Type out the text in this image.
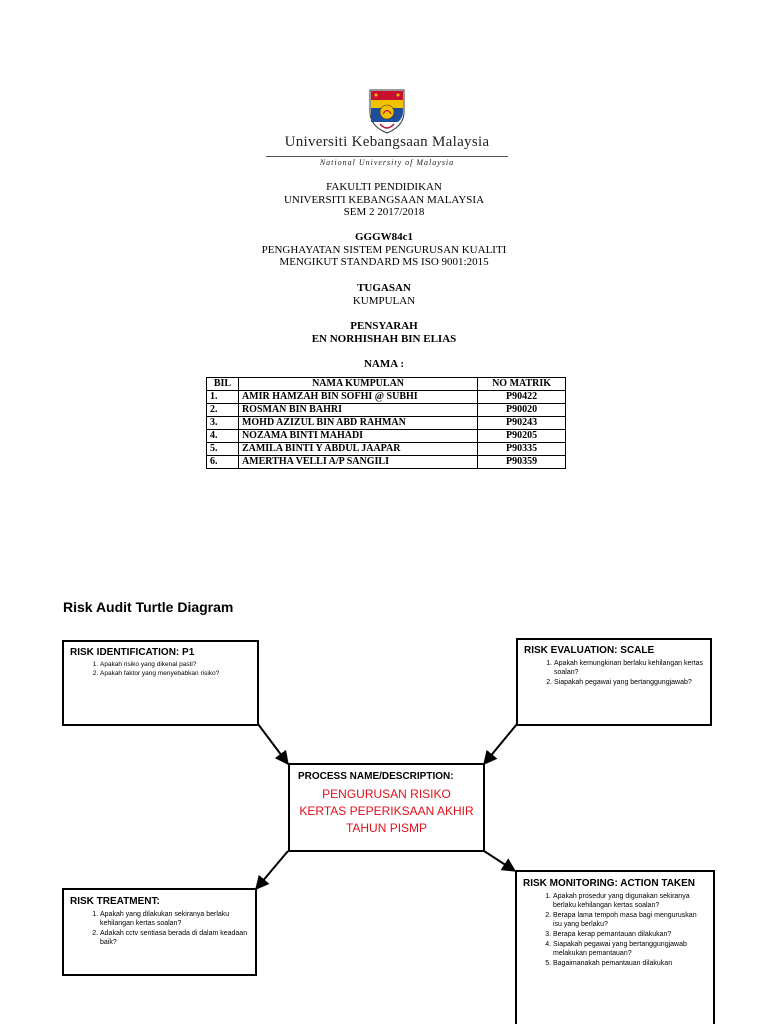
Universiti Kebangsaan Malaysia
National University of Malaysia
FAKULTI PENDIDIKAN
UNIVERSITI KEBANGSAAN MALAYSIA
SEM 2 2017/2018
GGGW84c1
PENGHAYATAN SISTEM PENGURUSAN KUALITI
MENGIKUT STANDARD MS ISO 9001:2015
TUGASAN
KUMPULAN
PENSYARAH
EN NORHISHAH BIN ELIAS
NAMA :
BIL	NAMA KUMPULAN	NO MATRIK
1.	AMIR HAMZAH BIN SOFHI @ SUBHI	P90422
2.	ROSMAN BIN BAHRI	P90020
3.	MOHD AZIZUL BIN ABD RAHMAN	P90243
4.	NOZAMA BINTI MAHADI	P90205
5.	ZAMILA BINTI Y ABDUL JAAPAR	P90335
6.	AMERTHA VELLI A/P SANGILI	P90359
Risk Audit Turtle Diagram
RISK IDENTIFICATION: P1
1. Apakah risiko yang dikenal pasti?
2. Apakah faktor yang menyebabkan risiko?
RISK EVALUATION: SCALE
1. Apakah kemungkinan berlaku kehilangan kertas soalan?
2. Siapakah pegawai yang bertanggungjawab?
PROCESS NAME/DESCRIPTION:
PENGURUSAN RISIKO KERTAS PEPERIKSAAN AKHIR TAHUN PISMP
RISK TREATMENT:
1. Apakah yang dilakukan sekiranya berlaku kehilangan kertas soalan?
2. Adakah cctv sentiasa berada di dalam keadaan baik?
RISK MONITORING: ACTION TAKEN
1. Apakah prosedur yang digunakan sekiranya berlaku kehilangan kertas soalan?
2. Berapa lama tempoh masa bagi menguruskan isu yang berlaku?
3. Berapa kerap pemantauan dilakukan?
4. Siapakah pegawai yang bertanggungjawab melakukan pemantauan?
5. Bagaimanakah pemantauan dilakukan
